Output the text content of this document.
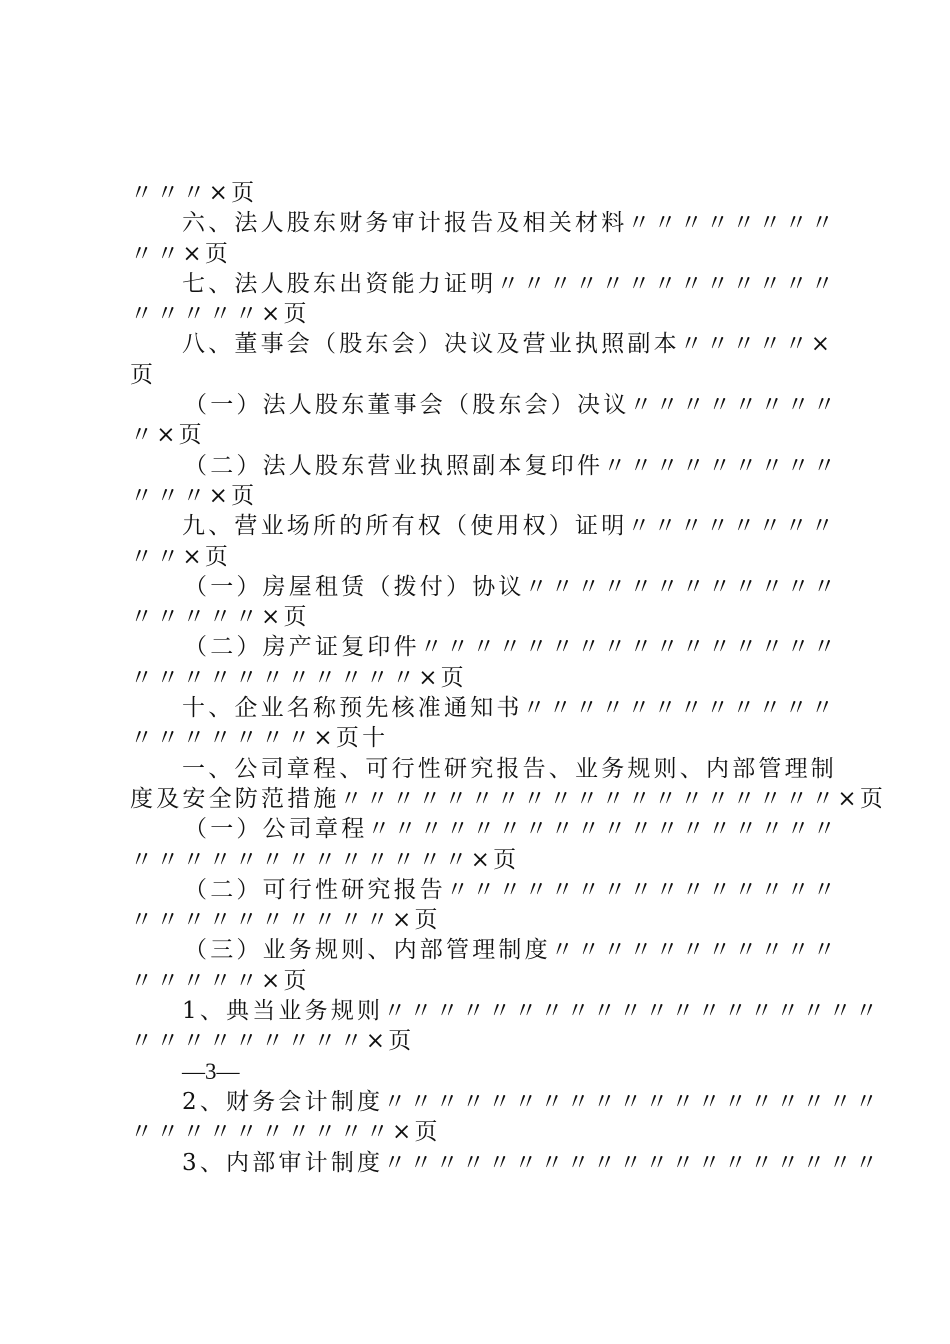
〃〃〃×页
六、法人股东财务审计报告及相关材料〃〃〃〃〃〃〃〃
〃〃×页
七、法人股东出资能力证明〃〃〃〃〃〃〃〃〃〃〃〃〃
〃〃〃〃〃×页
八、董事会（股东会）决议及营业执照副本〃〃〃〃〃×
页
（一）法人股东董事会（股东会）决议〃〃〃〃〃〃〃〃
〃×页
（二）法人股东营业执照副本复印件〃〃〃〃〃〃〃〃〃
〃〃〃×页
九、营业场所的所有权（使用权）证明〃〃〃〃〃〃〃〃
〃〃×页
（一）房屋租赁（拨付）协议〃〃〃〃〃〃〃〃〃〃〃〃
〃〃〃〃〃×页
（二）房产证复印件〃〃〃〃〃〃〃〃〃〃〃〃〃〃〃〃
〃〃〃〃〃〃〃〃〃〃〃×页
十、企业名称预先核准通知书〃〃〃〃〃〃〃〃〃〃〃〃
〃〃〃〃〃〃〃×页十
一、公司章程、可行性研究报告、业务规则、内部管理制
度及安全防范措施〃〃〃〃〃〃〃〃〃〃〃〃〃〃〃〃〃〃〃×页
（一）公司章程〃〃〃〃〃〃〃〃〃〃〃〃〃〃〃〃〃〃
〃〃〃〃〃〃〃〃〃〃〃〃〃×页
（二）可行性研究报告〃〃〃〃〃〃〃〃〃〃〃〃〃〃〃
〃〃〃〃〃〃〃〃〃〃×页
（三）业务规则、内部管理制度〃〃〃〃〃〃〃〃〃〃〃
〃〃〃〃〃×页
1、典当业务规则〃〃〃〃〃〃〃〃〃〃〃〃〃〃〃〃〃〃〃
〃〃〃〃〃〃〃〃〃×页
—3—
2、财务会计制度〃〃〃〃〃〃〃〃〃〃〃〃〃〃〃〃〃〃〃
〃〃〃〃〃〃〃〃〃〃×页
3、内部审计制度〃〃〃〃〃〃〃〃〃〃〃〃〃〃〃〃〃〃〃
